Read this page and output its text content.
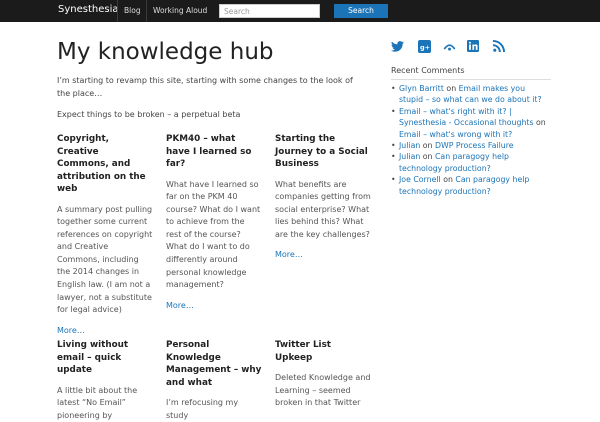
Synesthesia Blog	Working Aloud
Search	Search
My knowledge hub

I’m starting to revamp this site, starting with some changes to the look of the place…

Expect things to be broken – a perpetual beta

Copyright, Creative Commons, and attribution on the web
A summary post pulling together some current references on copyright and Creative Commons, including the 2014 changes in English law. (I am not a lawyer, not a substitute for legal advice)
More…
PKM40 – what have I learned so far?
What have I learned so far on the PKM 40 course? What do I want to achieve from the rest of the course? What do I want to do differently around personal knowledge management?
More…
Starting the Journey to a Social Business
What benefits are companies getting from social enterprise? What lies behind this? What are the key challenges?
More…
Living without email – quick update
A little bit about the latest “No Email” pioneering by
Personal Knowledge Management – why and what
I’m refocusing my study
Twitter List Upkeep
Deleted Knowledge and Learning – seemed broken in that Twitter
g+
Recent Comments
• Glyn Barritt on Email makes you stupid – so what can we do about it?
• Email – what's right with it? | Synesthesia - Occasional thoughts on Email – what's wrong with it?
• Julian on DWP Process Failure
• Julian on Can paragogy help technology production?
• Joe Cornell on Can paragogy help technology production?
